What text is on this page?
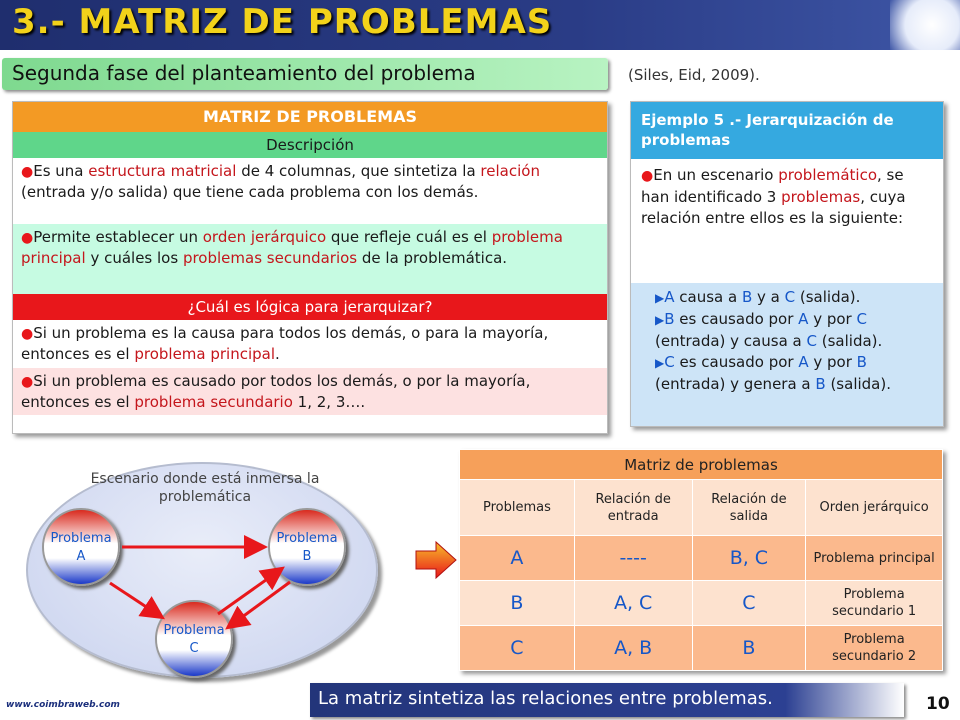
3.- MATRIZ DE PROBLEMAS
Segunda fase del planteamiento del problema	(Siles, Eid, 2009).
MATRIZ DE PROBLEMAS
Descripción
●Es una estructura matricial de 4 columnas, que sintetiza la relación (entrada y/o salida) que tiene cada problema con los demás.
●Permite establecer un orden jerárquico que refleje cuál es el problema principal y cuáles los problemas secundarios de la problemática.
¿Cuál es lógica para jerarquizar?
●Si un problema es la causa para todos los demás, o para la mayoría, entonces es el problema principal.
●Si un problema es causado por todos los demás, o por la mayoría, entonces es el problema secundario 1, 2, 3….
Ejemplo 5 .- Jerarquización de problemas
●En un escenario problemático, se han identificado 3 problemas, cuya relación entre ellos es la siguiente:
▶A causa a B y a C (salida).
▶B es causado por A y por C (entrada) y causa a C (salida).
▶C es causado por A y por B (entrada) y genera a B (salida).
Escenario donde está inmersa la problemática
Problema A
Problema B
Problema C
Matriz de problemas			
Problemas	Relación de entrada	Relación de salida	Orden jerárquico
A	----	B, C	Problema principal
B	A, C	C	Problema secundario 1
C	A, B	B	Problema secundario 2
La matriz sintetiza las relaciones entre problemas.
www.coimbraweb.com	10
